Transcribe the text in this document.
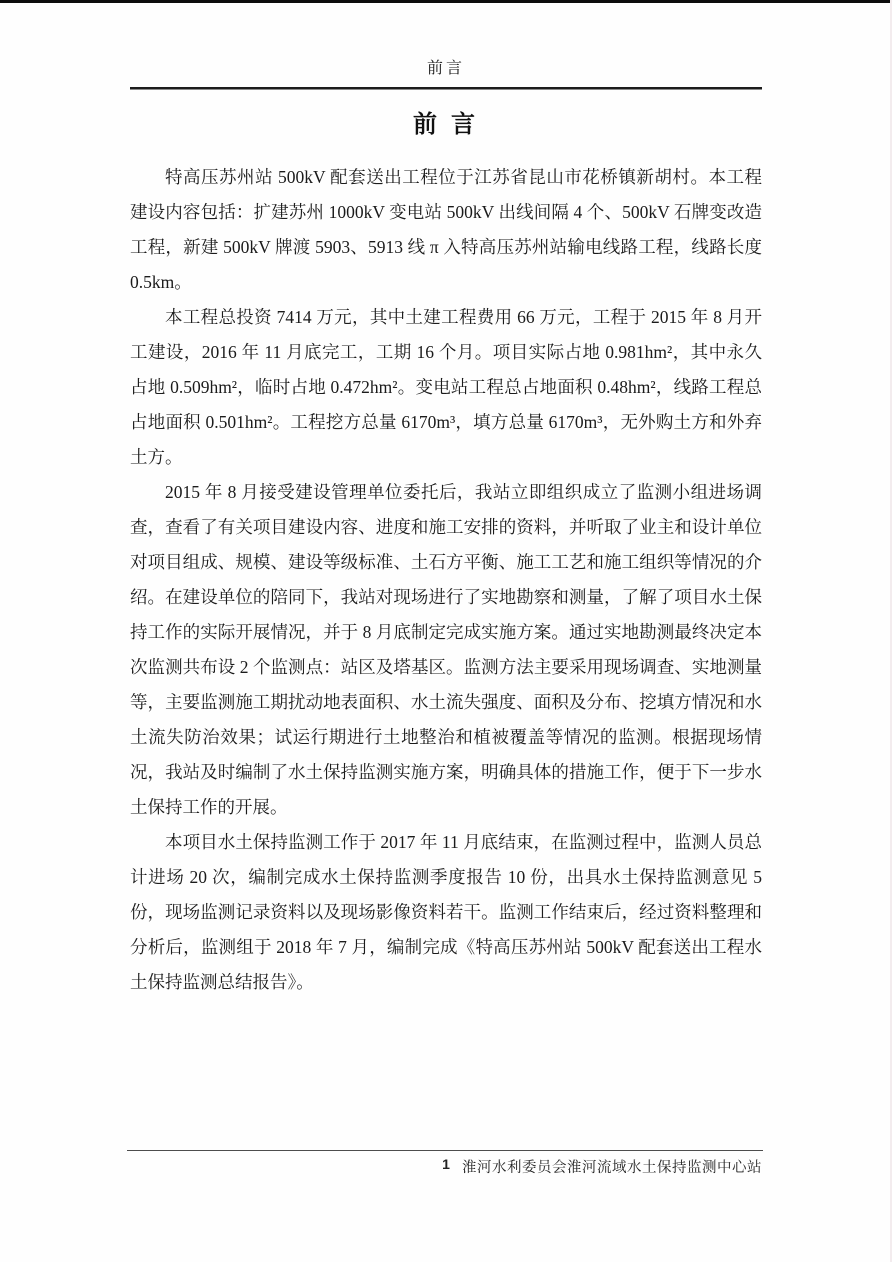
前言
前 言

特高压苏州站 500kV 配套送出工程位于江苏省昆山市花桥镇新胡村。本工程建设内容包括：扩建苏州 1000kV 变电站 500kV 出线间隔 4 个、500kV 石牌变改造工程，新建 500kV 牌渡 5903、5913 线 π 入特高压苏州站输电线路工程，线路长度 0.5km。

本工程总投资 7414 万元，其中土建工程费用 66 万元，工程于 2015 年 8 月开工建设，2016 年 11 月底完工，工期 16 个月。项目实际占地 0.981hm²，其中永久占地 0.509hm²，临时占地 0.472hm²。变电站工程总占地面积 0.48hm²，线路工程总占地面积 0.501hm²。工程挖方总量 6170m³，填方总量 6170m³，无外购土方和外弃土方。

2015 年 8 月接受建设管理单位委托后，我站立即组织成立了监测小组进场调查，查看了有关项目建设内容、进度和施工安排的资料，并听取了业主和设计单位对项目组成、规模、建设等级标准、土石方平衡、施工工艺和施工组织等情况的介绍。在建设单位的陪同下，我站对现场进行了实地勘察和测量，了解了项目水土保持工作的实际开展情况，并于 8 月底制定完成实施方案。通过实地勘测最终决定本次监测共布设 2 个监测点：站区及塔基区。监测方法主要采用现场调查、实地测量等，主要监测施工期扰动地表面积、水土流失强度、面积及分布、挖填方情况和水土流失防治效果；试运行期进行土地整治和植被覆盖等情况的监测。根据现场情况，我站及时编制了水土保持监测实施方案，明确具体的措施工作，便于下一步水土保持工作的开展。

本项目水土保持监测工作于 2017 年 11 月底结束，在监测过程中，监测人员总计进场 20 次，编制完成水土保持监测季度报告 10 份，出具水土保持监测意见 5 份，现场监测记录资料以及现场影像资料若干。监测工作结束后，经过资料整理和分析后，监测组于 2018 年 7 月，编制完成《特高压苏州站 500kV 配套送出工程水土保持监测总结报告》。

1 淮河水利委员会淮河流域水土保持监测中心站
